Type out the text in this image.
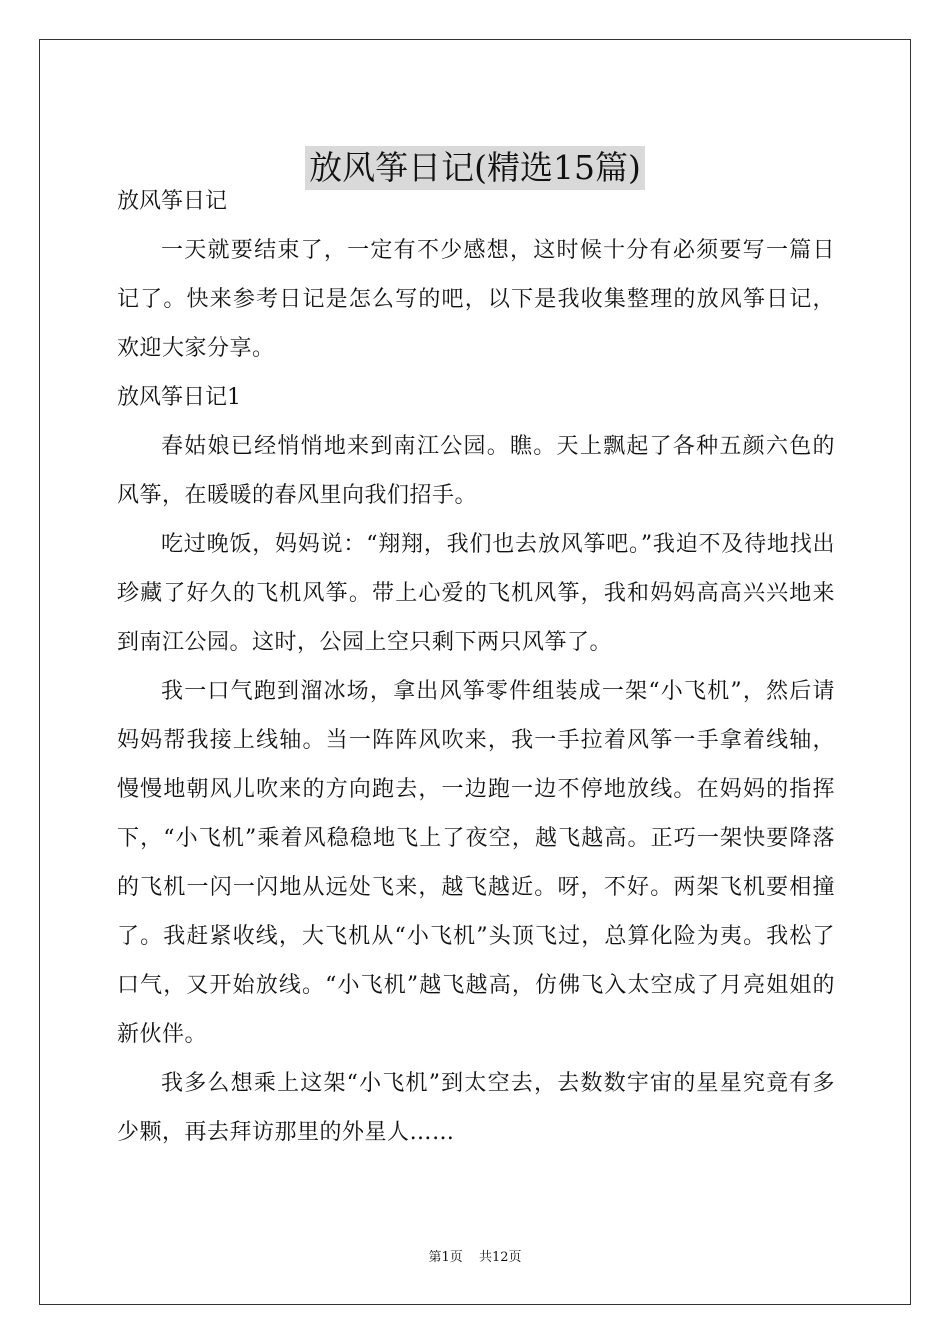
放风筝日记(精选15篇)

放风筝日记

一天就要结束了，一定有不少感想，这时候十分有必须要写一篇日记了。快来参考日记是怎么写的吧，以下是我收集整理的放风筝日记，欢迎大家分享。

放风筝日记1

春姑娘已经悄悄地来到南江公园。瞧。天上飘起了各种五颜六色的风筝，在暖暖的春风里向我们招手。

吃过晚饭，妈妈说：“翔翔，我们也去放风筝吧。”我迫不及待地找出珍藏了好久的飞机风筝。带上心爱的飞机风筝，我和妈妈高高兴兴地来到南江公园。这时，公园上空只剩下两只风筝了。

我一口气跑到溜冰场，拿出风筝零件组装成一架“小飞机”，然后请妈妈帮我接上线轴。当一阵阵风吹来，我一手拉着风筝一手拿着线轴，慢慢地朝风儿吹来的方向跑去，一边跑一边不停地放线。在妈妈的指挥下，“小飞机”乘着风稳稳地飞上了夜空，越飞越高。正巧一架快要降落的飞机一闪一闪地从远处飞来，越飞越近。呀，不好。两架飞机要相撞了。我赶紧收线，大飞机从“小飞机”头顶飞过，总算化险为夷。我松了口气，又开始放线。“小飞机”越飞越高，仿佛飞入太空成了月亮姐姐的新伙伴。

我多么想乘上这架“小飞机”到太空去，去数数宇宙的星星究竟有多少颗，再去拜访那里的外星人……

第1页 共12页
